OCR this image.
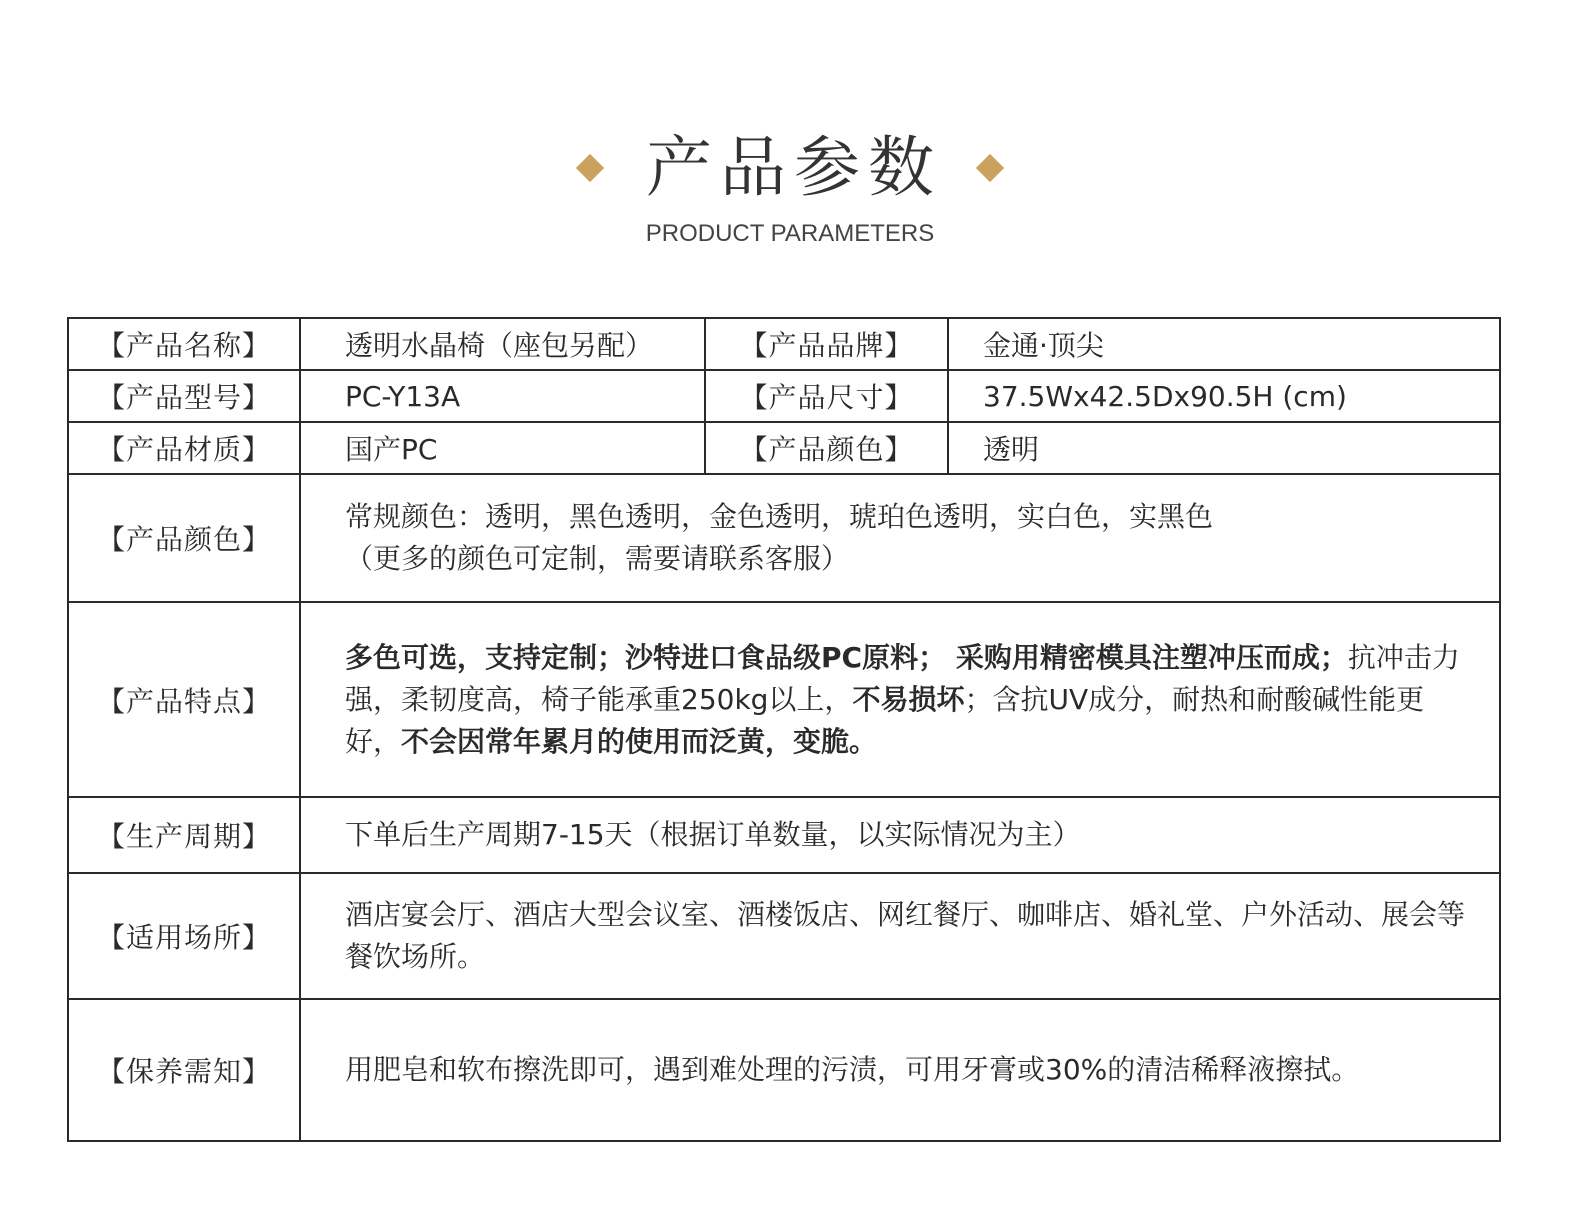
产品参数
PRODUCT PARAMETERS
【产品名称】	透明水晶椅（座包另配）	【产品品牌】	金通·顶尖
【产品型号】	PC-Y13A	【产品尺寸】	37.5Wx42.5Dx90.5H (cm)
【产品材质】	国产PC	【产品颜色】	透明
【产品颜色】	常规颜色：透明，黑色透明，金色透明，琥珀色透明，实白色，实黑色
（更多的颜色可定制，需要请联系客服）		

【产品特点】	多色可选，支持定制；沙特进口食品级PC原料； 采购用精密模具注塑冲压而成；抗冲击力强，柔韧度高，椅子能承重250kg以上，不易损坏；含抗UV成分，耐热和耐酸碱性能更好，不会因常年累月的使用而泛黄，变脆。		
【生产周期】	下单后生产周期7-15天（根据订单数量，以实际情况为主）		
【适用场所】	酒店宴会厅、酒店大型会议室、酒楼饭店、网红餐厅、咖啡店、婚礼堂、户外活动、展会等餐饮场所。		
【保养需知】	用肥皂和软布擦洗即可，遇到难处理的污渍，可用牙膏或30%的清洁稀释液擦拭。		
